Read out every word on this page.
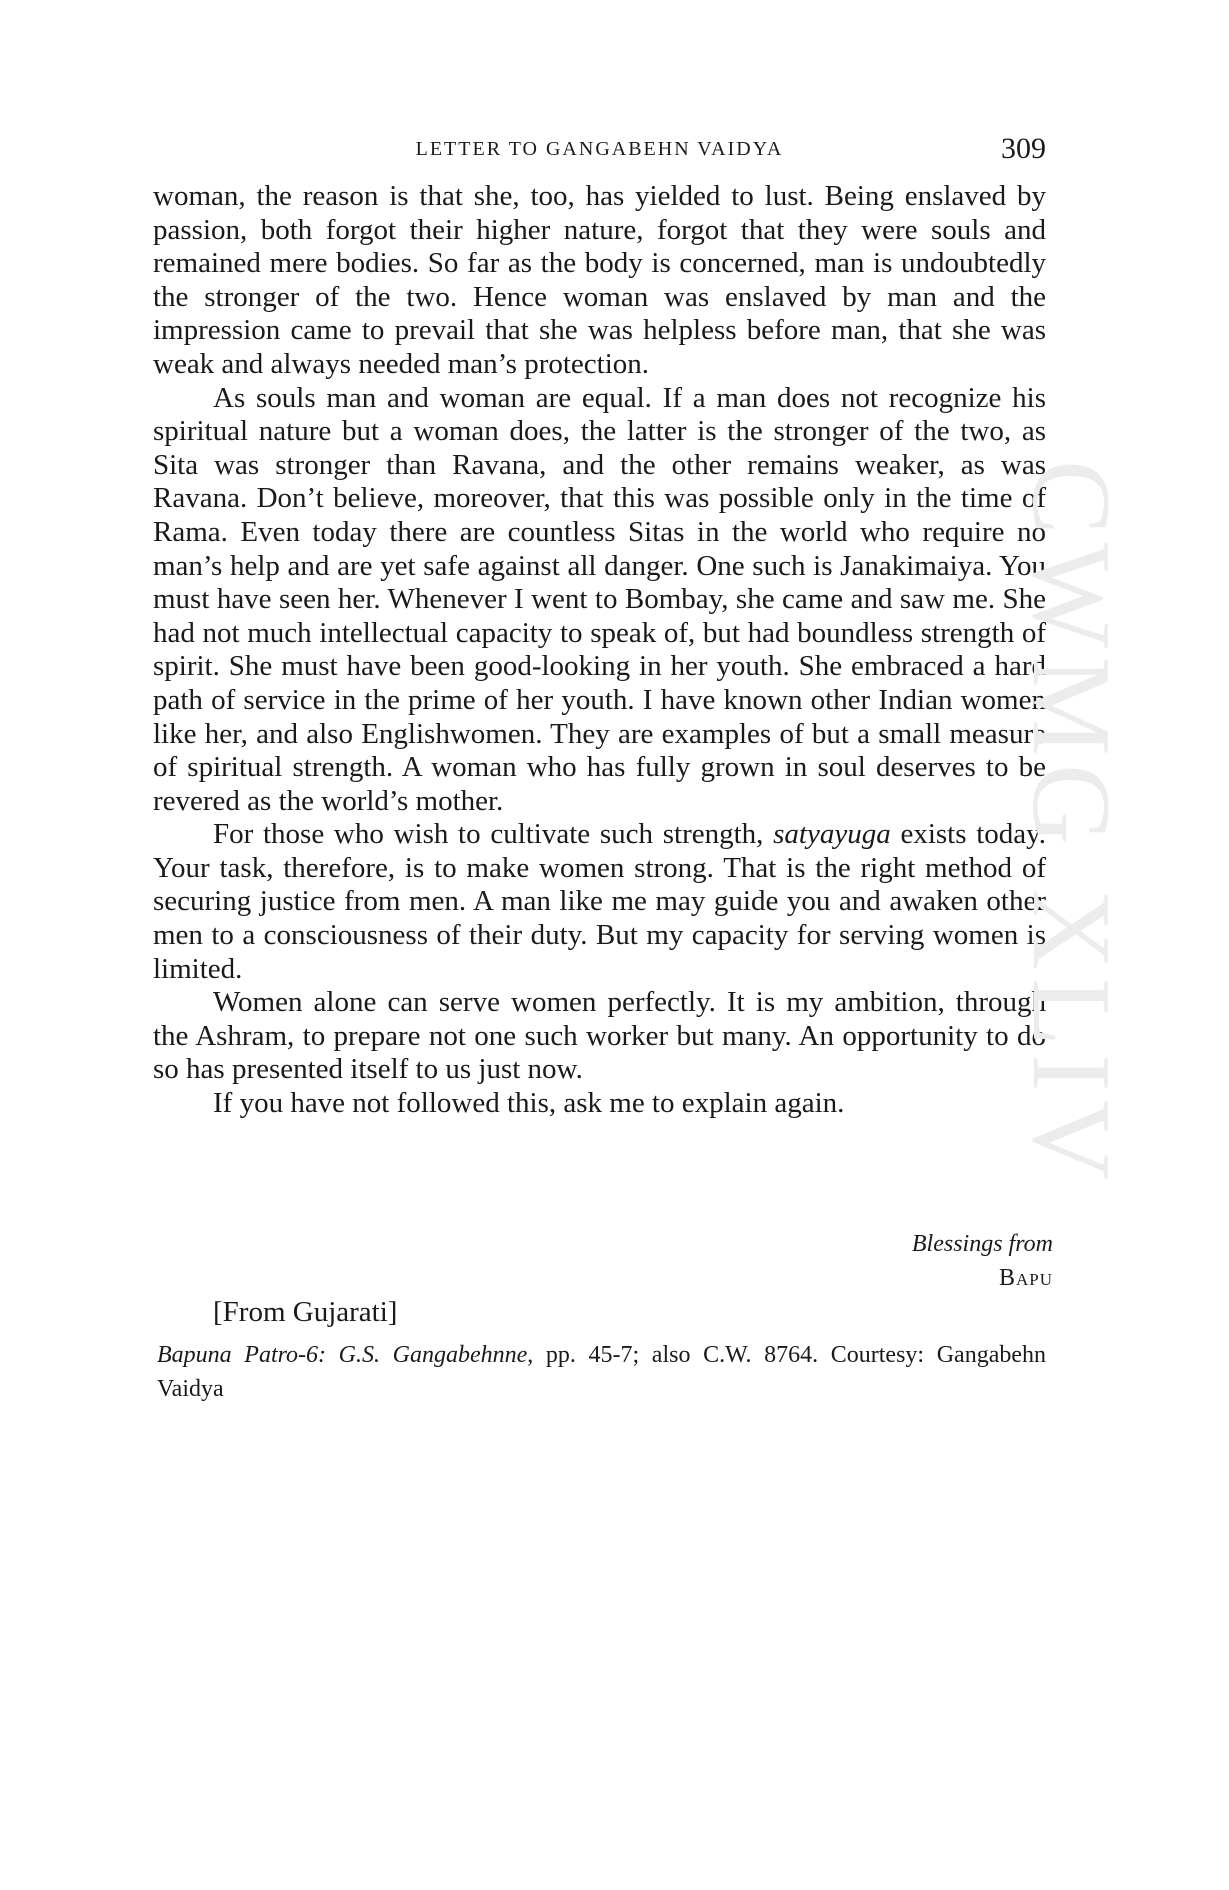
LETTER TO GANGABEHN VAIDYA	309

woman, the reason is that she, too, has yielded to lust. Being enslaved by passion, both forgot their higher nature, forgot that they were souls and remained mere bodies. So far as the body is concerned, man is undoubtedly the stronger of the two. Hence woman was enslaved by man and the impression came to prevail that she was helpless before man, that she was weak and always needed man’s protection.

As souls man and woman are equal. If a man does not recognize his spiritual nature but a woman does, the latter is the stronger of the two, as Sita was stronger than Ravana, and the other remains weaker, as was Ravana. Don’t believe, moreover, that this was possible only in the time of Rama. Even today there are countless Sitas in the world who require no man’s help and are yet safe against all danger. One such is Janakimaiya. You must have seen her. Whenever I went to Bombay, she came and saw me. She had not much intellectual capacity to speak of, but had boundless strength of spirit. She must have been good-looking in her youth. She embraced a hard path of service in the prime of her youth. I have known other Indian women like her, and also Englishwomen. They are examples of but a small measure of spiritual strength. A woman who has fully grown in soul deserves to be revered as the world’s mother.

For those who wish to cultivate such strength, satyayuga exists today. Your task, therefore, is to make women strong. That is the right method of securing justice from men. A man like me may guide you and awaken other men to a consciousness of their duty. But my capacity for serving women is limited.

Women alone can serve women perfectly. It is my ambition, through the Ashram, to prepare not one such worker but many. An opportunity to do so has presented itself to us just now.

If you have not followed this, ask me to explain again.

Blessings from
Bapu
[From Gujarati]
Bapuna Patro-6: G.S. Gangabehnne, pp. 45-7; also C.W. 8764. Courtesy: Gangabehn Vaidya
CWMG XLIV
